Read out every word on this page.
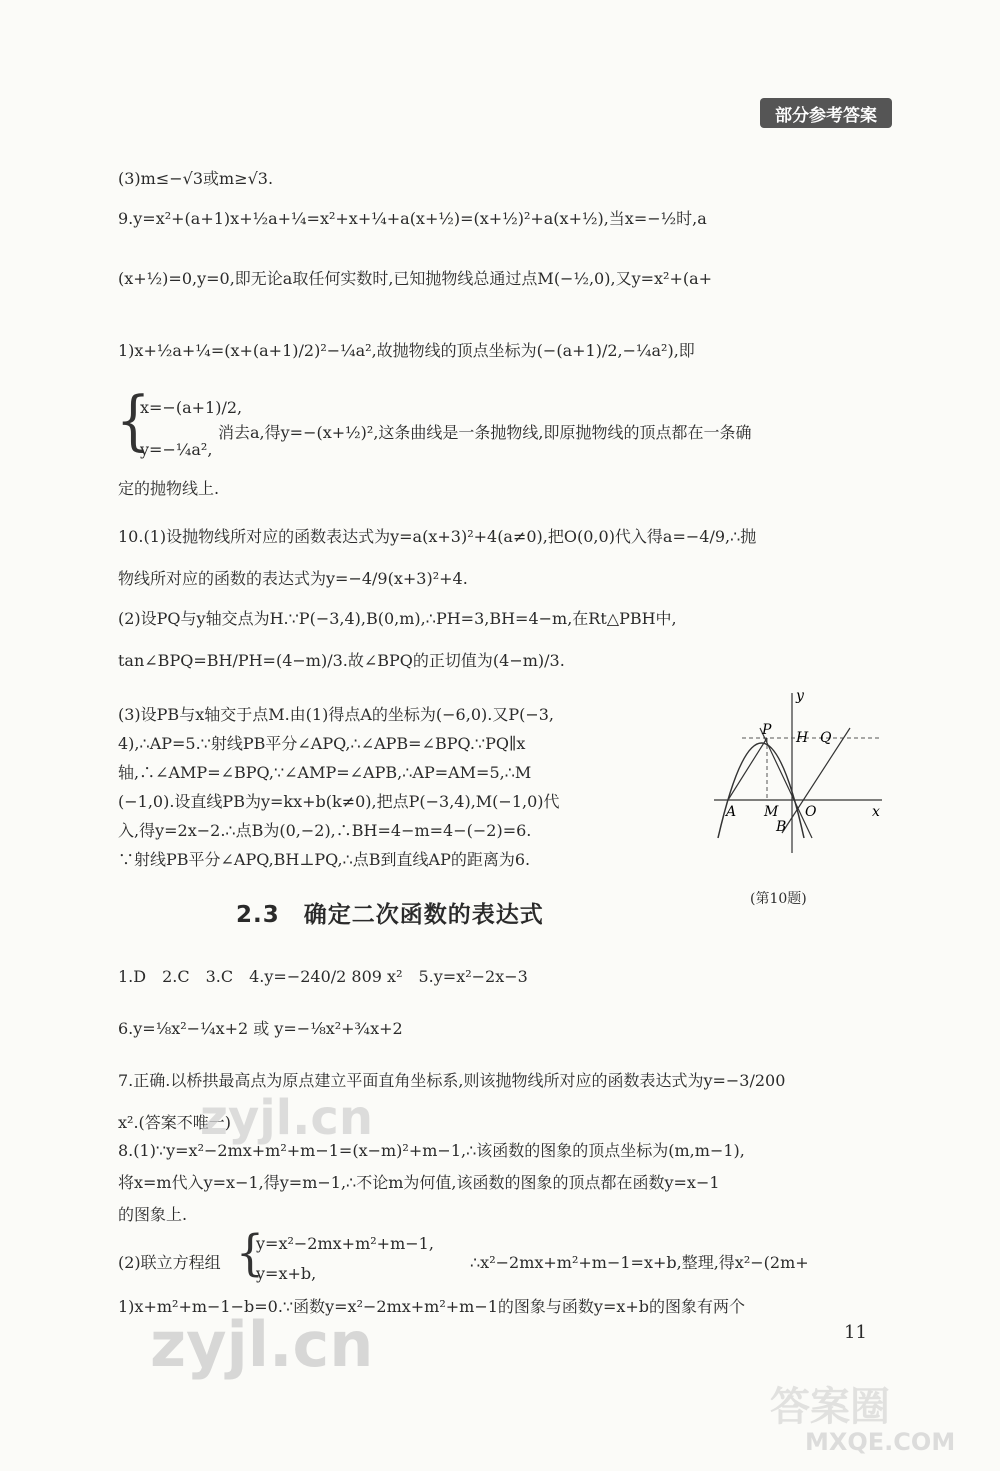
部分参考答案
(3)m≤−√3或m≥√3.
9.y=x²+(a+1)x+½a+¼=x²+x+¼+a(x+½)=(x+½)²+a(x+½),当x=−½时,a
(x+½)=0,y=0,即无论a取任何实数时,已知抛物线总通过点M(−½,0),又y=x²+(a+
1)x+½a+¼=(x+(a+1)/2)²−¼a²,故抛物线的顶点坐标为(−(a+1)/2,−¼a²),即
{
x=−(a+1)/2,
y=−¼a²,
消去a,得y=−(x+½)²,这条曲线是一条抛物线,即原抛物线的顶点都在一条确
定的抛物线上.
10.(1)设抛物线所对应的函数表达式为y=a(x+3)²+4(a≠0),把O(0,0)代入得a=−4/9,∴抛
物线所对应的函数的表达式为y=−4/9(x+3)²+4.
(2)设PQ与y轴交点为H.∵P(−3,4),B(0,m),∴PH=3,BH=4−m,在Rt△PBH中,
tan∠BPQ=BH/PH=(4−m)/3.故∠BPQ的正切值为(4−m)/3.
(3)设PB与x轴交于点M.由(1)得点A的坐标为(−6,0).又P(−3,
4),∴AP=5.∵射线PB平分∠APQ,∴∠APB=∠BPQ.∵PQ∥x
轴,∴∠AMP=∠BPQ,∵∠AMP=∠APB,∴AP=AM=5,∴M
(−1,0).设直线PB为y=kx+b(k≠0),把点P(−3,4),M(−1,0)代
入,得y=2x−2.∴点B为(0,−2),∴BH=4−m=4−(−2)=6.
∵射线PB平分∠APQ,BH⊥PQ,∴点B到直线AP的距离为6.
y
x
P H Q
A M O
B
(第10题)
2.3　确定二次函数的表达式
1.D　2.C　3.C　4.y=−240/2 809 x²　5.y=x²−2x−3
6.y=⅛x²−¼x+2 或 y=−⅛x²+¾x+2
7.正确.以桥拱最高点为原点建立平面直角坐标系,则该抛物线所对应的函数表达式为y=−3/200
x².(答案不唯一)
8.(1)∵y=x²−2mx+m²+m−1=(x−m)²+m−1,∴该函数的图象的顶点坐标为(m,m−1),
将x=m代入y=x−1,得y=m−1,∴不论m为何值,该函数的图象的顶点都在函数y=x−1
的图象上.
(2)联立方程组 {
y=x²−2mx+m²+m−1,
y=x+b,
∴x²−2mx+m²+m−1=x+b,整理,得x²−(2m+
1)x+m²+m−1−b=0.∵函数y=x²−2mx+m²+m−1的图象与函数y=x+b的图象有两个
11
zyjl.cn
zyjl.cn
答案圈
MXQE.COM
